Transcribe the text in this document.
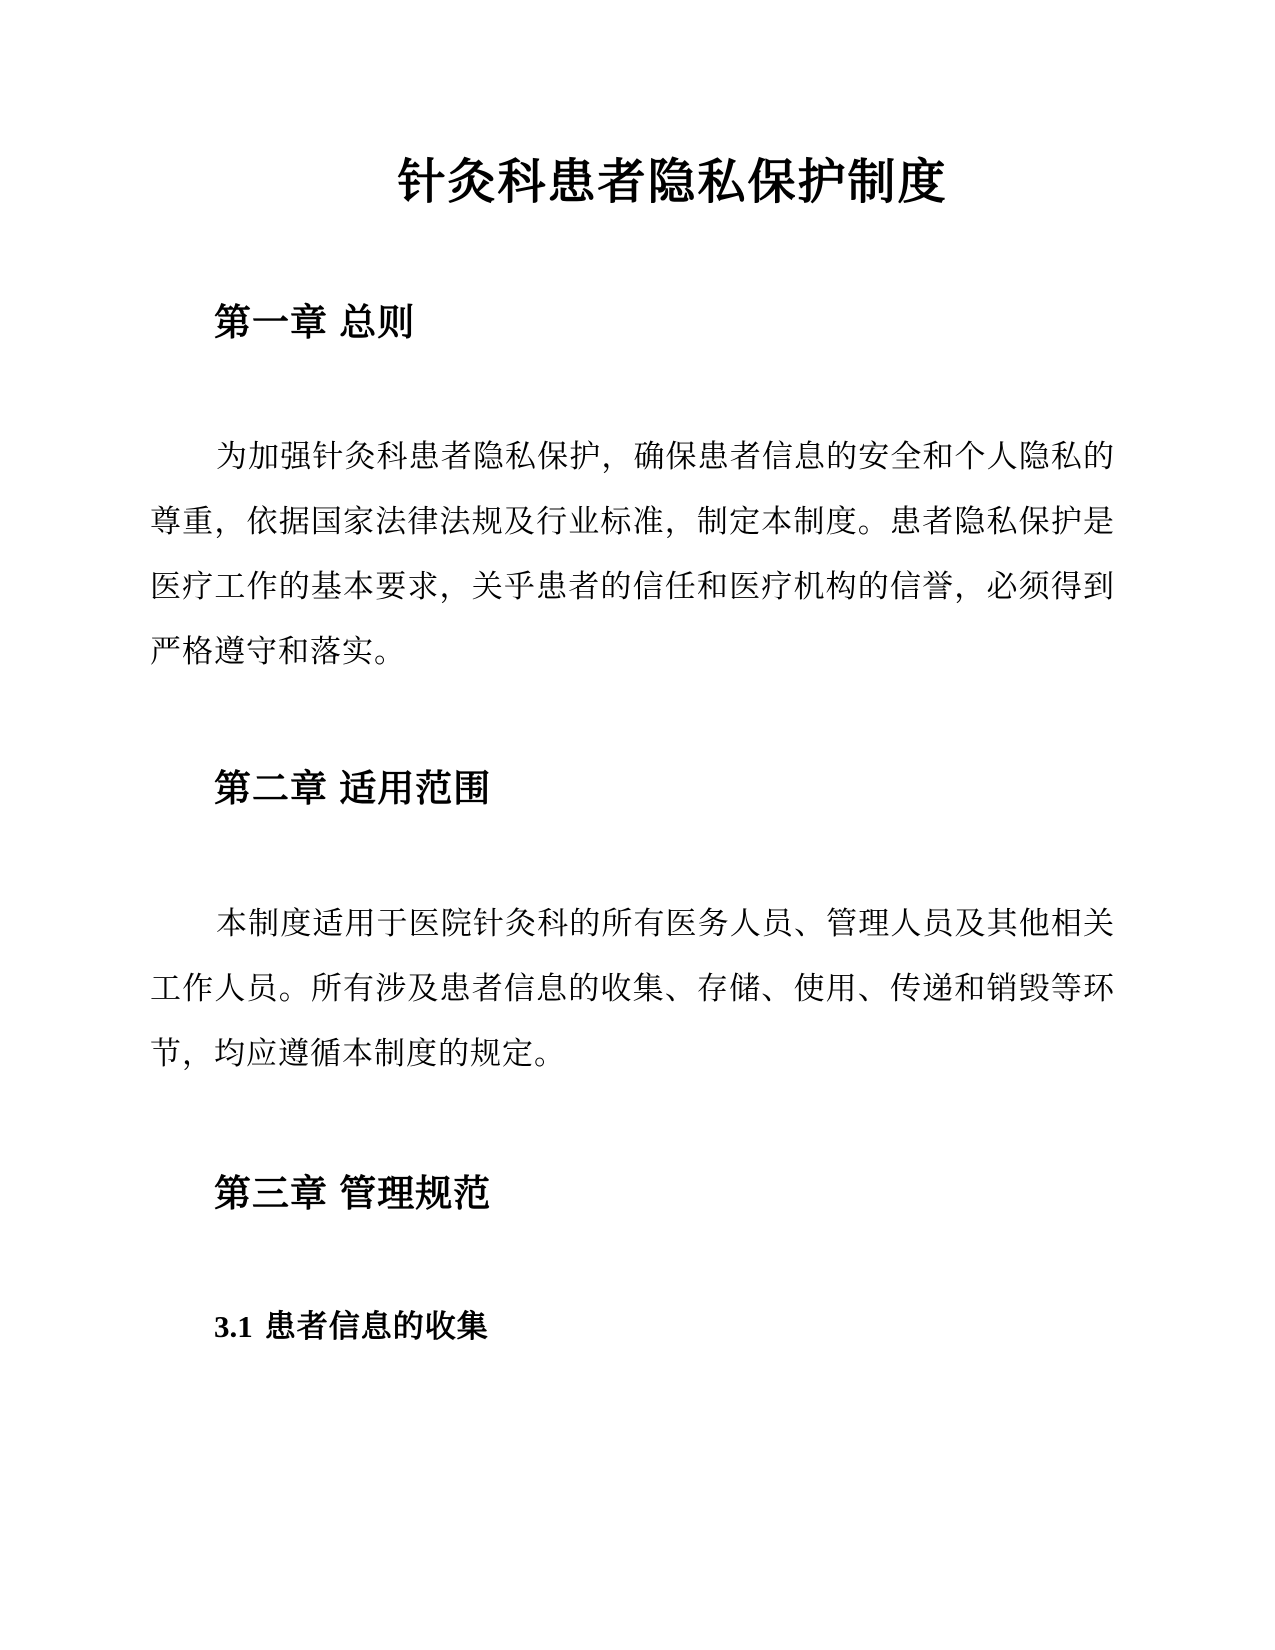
针灸科患者隐私保护制度
第一章 总则

为加强针灸科患者隐私保护，确保患者信息的安全和个人隐私的尊重，依据国家法律法规及行业标准，制定本制度。患者隐私保护是医疗工作的基本要求，关乎患者的信任和医疗机构的信誉，必须得到严格遵守和落实。

第二章 适用范围

本制度适用于医院针灸科的所有医务人员、管理人员及其他相关工作人员。所有涉及患者信息的收集、存储、使用、传递和销毁等环节，均应遵循本制度的规定。

第三章 管理规范
3.1 患者信息的收集
